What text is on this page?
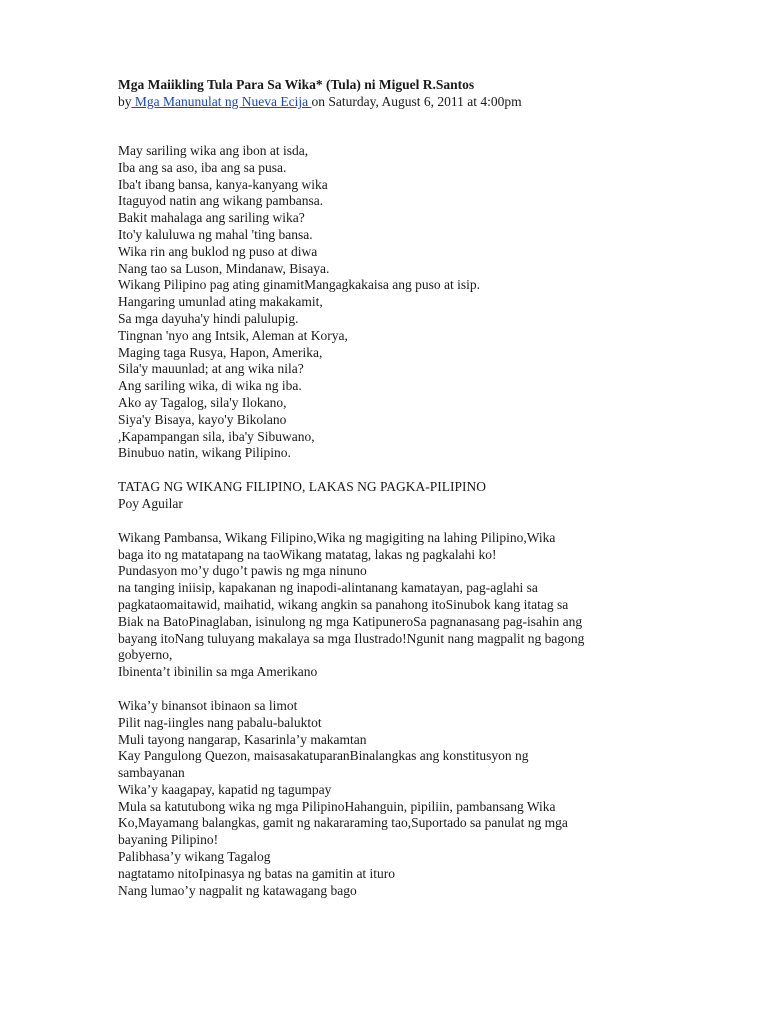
Mga Maiikling Tula Para Sa Wika* (Tula) ni Miguel R.Santos

by Mga Manunulat ng Nueva Ecija on Saturday, August 6, 2011 at 4:00pm

May sariling wika ang ibon at isda,

Iba ang sa aso, iba ang sa pusa.

Iba't ibang bansa, kanya-kanyang wika

Itaguyod natin ang wikang pambansa.

Bakit mahalaga ang sariling wika?

Ito'y kaluluwa ng mahal 'ting bansa.

Wika rin ang buklod ng puso at diwa

Nang tao sa Luson, Mindanaw, Bisaya.

Wikang Pilipino pag ating ginamitMangagkakaisa ang puso at isip.

Hangaring umunlad ating makakamit,

Sa mga dayuha'y hindi palulupig.

Tingnan 'nyo ang Intsik, Aleman at Korya,

Maging taga Rusya, Hapon, Amerika,

Sila'y mauunlad; at ang wika nila?

Ang sariling wika, di wika ng iba.

Ako ay Tagalog, sila'y Ilokano,

Siya'y Bisaya, kayo'y Bikolano

,Kapampangan sila, iba'y Sibuwano,

Binubuo natin, wikang Pilipino.

TATAG NG WIKANG FILIPINO, LAKAS NG PAGKA-PILIPINO

Poy Aguilar

Wikang Pambansa, Wikang Filipino,Wika ng magigiting na lahing Pilipino,Wika

baga ito ng matatapang na taoWikang matatag, lakas ng pagkalahi ko!

Pundasyon mo’y dugo’t pawis ng mga ninuno

na tanging iniisip, kapakanan ng inapodi-alintanang kamatayan, pag-aglahi sa

pagkataomaitawid, maihatid, wikang angkin sa panahong itoSinubok kang itatag sa

Biak na BatoPinaglaban, isinulong ng mga KatipuneroSa pagnanasang pag-isahin ang

bayang itoNang tuluyang makalaya sa mga Ilustrado!Ngunit nang magpalit ng bagong

gobyerno,

Ibinenta’t ibinilin sa mga Amerikano

Wika’y binansot ibinaon sa limot

Pilit nag-iingles nang pabalu-baluktot

Muli tayong nangarap, Kasarinla’y makamtan

Kay Pangulong Quezon, maisasakatuparanBinalangkas ang konstitusyon ng

sambayanan

Wika’y kaagapay, kapatid ng tagumpay

Mula sa katutubong wika ng mga PilipinoHahanguin, pipiliin, pambansang Wika

Ko,Mayamang balangkas, gamit ng nakararaming tao,Suportado sa panulat ng mga

bayaning Pilipino!

Palibhasa’y wikang Tagalog

nagtatamo nitoIpinasya ng batas na gamitin at ituro

Nang lumao’y nagpalit ng katawagang bago
